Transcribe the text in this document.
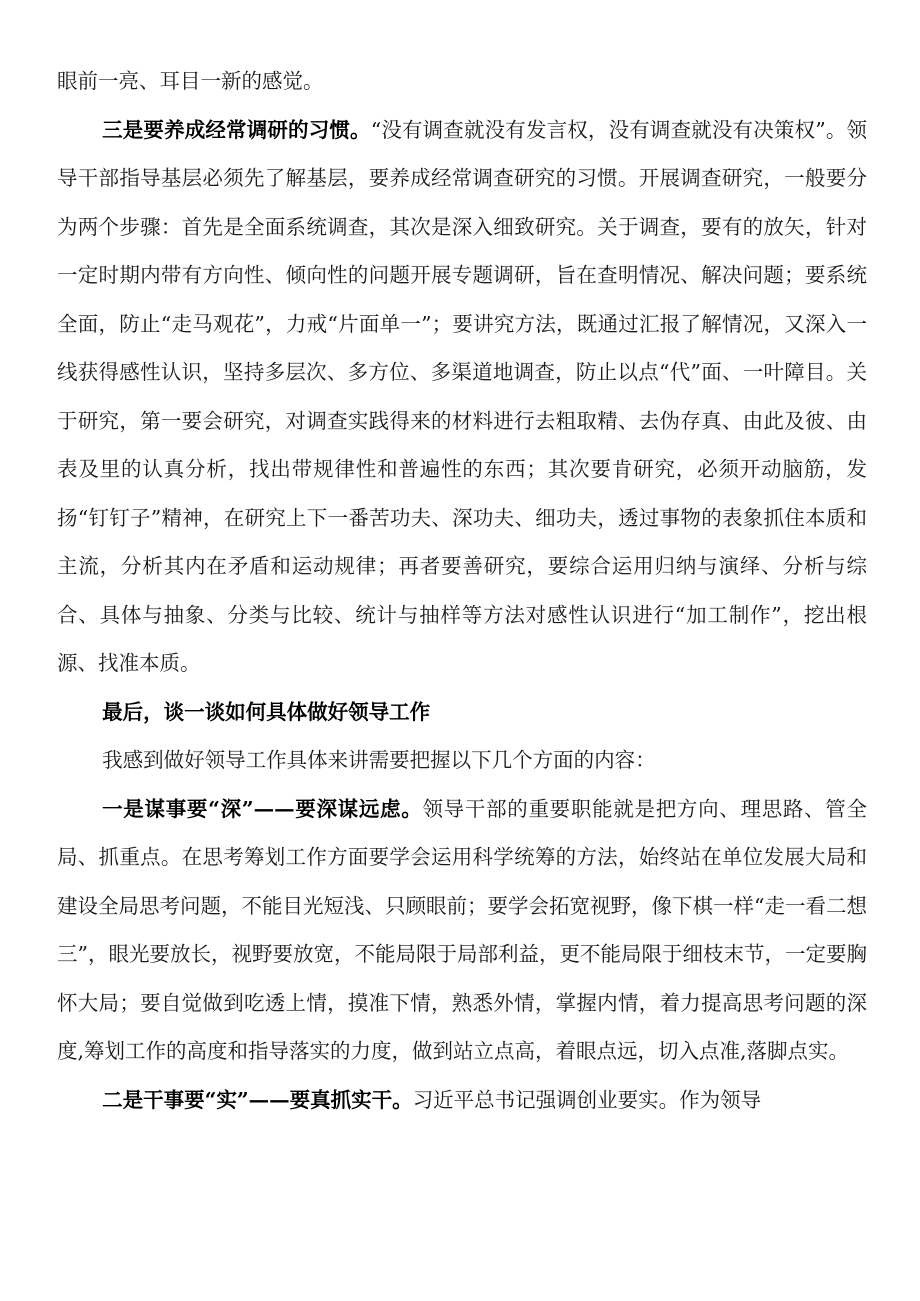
眼前一亮、耳目一新的感觉。

三是要养成经常调研的习惯。“没有调查就没有发言权，没有调查就没有决策权”。领导干部指导基层必须先了解基层，要养成经常调查研究的习惯。开展调查研究，一般要分为两个步骤：首先是全面系统调查，其次是深入细致研究。关于调查，要有的放矢，针对一定时期内带有方向性、倾向性的问题开展专题调研，旨在查明情况、解决问题；要系统全面，防止“走马观花”，力戒“片面单一”；要讲究方法，既通过汇报了解情况，又深入一线获得感性认识，坚持多层次、多方位、多渠道地调查，防止以点“代”面、一叶障目。关于研究，第一要会研究，对调查实践得来的材料进行去粗取精、去伪存真、由此及彼、由表及里的认真分析，找出带规律性和普遍性的东西；其次要肯研究，必须开动脑筋，发扬“钉钉子”精神，在研究上下一番苦功夫、深功夫、细功夫，透过事物的表象抓住本质和主流，分析其内在矛盾和运动规律；再者要善研究，要综合运用归纳与演绎、分析与综合、具体与抽象、分类与比较、统计与抽样等方法对感性认识进行“加工制作”，挖出根源、找准本质。

最后，谈一谈如何具体做好领导工作

我感到做好领导工作具体来讲需要把握以下几个方面的内容：

一是谋事要“深”——要深谋远虑。领导干部的重要职能就是把方向、理思路、管全局、抓重点。在思考筹划工作方面要学会运用科学统筹的方法，始终站在单位发展大局和建设全局思考问题，不能目光短浅、只顾眼前；要学会拓宽视野，像下棋一样“走一看二想三”，眼光要放长，视野要放宽，不能局限于局部利益，更不能局限于细枝末节，一定要胸怀大局；要自觉做到吃透上情，摸准下情，熟悉外情，掌握内情，着力提高思考问题的深度,筹划工作的高度和指导落实的力度，做到站立点高，着眼点远，切入点准,落脚点实。

二是干事要“实”——要真抓实干。习近平总书记强调创业要实。作为领导
